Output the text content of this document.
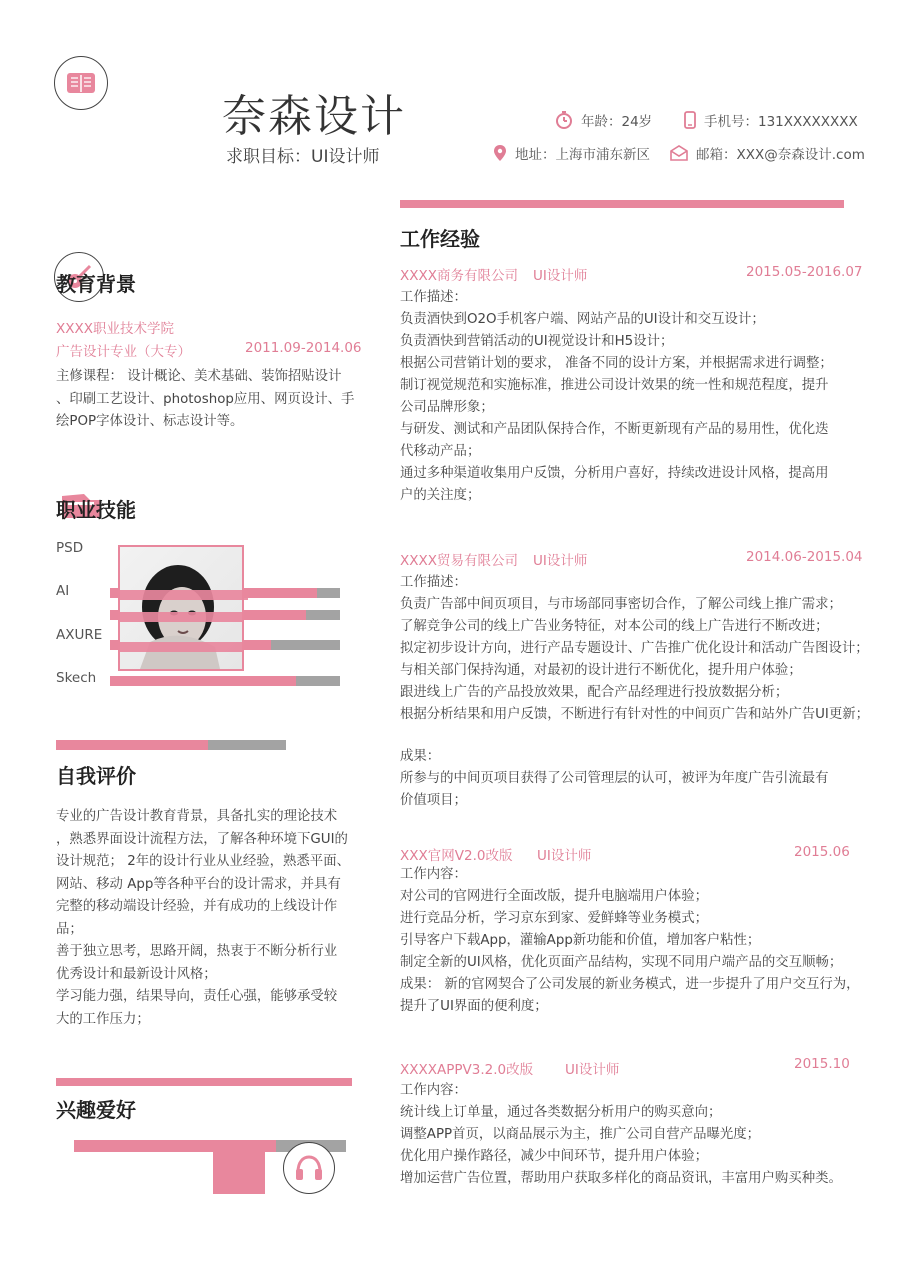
奈森设计
求职目标：UI设计师
年龄：24岁	手机号：131XXXXXXXX
地址：上海市浦东新区	邮箱：XXX@奈森设计.com
教育背景
XXXX职业技术学院
广告设计专业（大专）	2011.09-2014.06
主修课程： 设计概论、美术基础、装饰招贴设计
、印刷工艺设计、photoshop应用、网页设计、手
绘POP字体设计、标志设计等。
职业技能
PSD
AI
AXURE
Skech
自我评价
专业的广告设计教育背景，具备扎实的理论技术
，熟悉界面设计流程方法，了解各种环境下GUI的
设计规范； 2年的设计行业从业经验，熟悉平面、
网站、移动 App等各种平台的设计需求，并具有
完整的移动端设计经验，并有成功的上线设计作
品；
善于独立思考，思路开阔，热衷于不断分析行业
优秀设计和最新设计风格；
学习能力强，结果导向，责任心强，能够承受较
大的工作压力；
兴趣爱好
工作经验
XXXX商务有限公司 UI设计师	2015.05-2016.07
工作描述：
负责酒快到O2O手机客户端、网站产品的UI设计和交互设计；
负责酒快到营销活动的UI视觉设计和H5设计；
根据公司营销计划的要求， 准备不同的设计方案，并根据需求进行调整；
制订视觉规范和实施标准，推进公司设计效果的统一性和规范程度，提升
公司品牌形象；
与研发、测试和产品团队保持合作，不断更新现有产品的易用性，优化迭
代移动产品；
通过多种渠道收集用户反馈，分析用户喜好，持续改进设计风格，提高用
户的关注度；
XXXX贸易有限公司 UI设计师	2014.06-2015.04
工作描述：
负责广告部中间页项目，与市场部同事密切合作，了解公司线上推广需求；
了解竞争公司的线上广告业务特征，对本公司的线上广告进行不断改进；
拟定初步设计方向，进行产品专题设计、广告推广优化设计和活动广告图设计；
与相关部门保持沟通，对最初的设计进行不断优化，提升用户体验；
跟进线上广告的产品投放效果，配合产品经理进行投放数据分析；
根据分析结果和用户反馈，不断进行有针对性的中间页广告和站外广告UI更新；
成果：
所参与的中间页项目获得了公司管理层的认可，被评为年度广告引流最有
价值项目；
XXX官网V2.0改版 UI设计师	2015.06
工作内容：
对公司的官网进行全面改版，提升电脑端用户体验；
进行竞品分析，学习京东到家、爱鲜蜂等业务模式；
引导客户下载App，灌输App新功能和价值，增加客户粘性；
制定全新的UI风格，优化页面产品结构，实现不同用户端产品的交互顺畅；
成果： 新的官网契合了公司发展的新业务模式，进一步提升了用户交互行为，
提升了UI界面的便利度；
XXXXAPPV3.2.0改版 UI设计师	2015.10
工作内容：
统计线上订单量，通过各类数据分析用户的购买意向；
调整APP首页，以商品展示为主，推广公司自营产品曝光度；
优化用户操作路径，减少中间环节，提升用户体验；
增加运营广告位置，帮助用户获取多样化的商品资讯，丰富用户购买种类。
